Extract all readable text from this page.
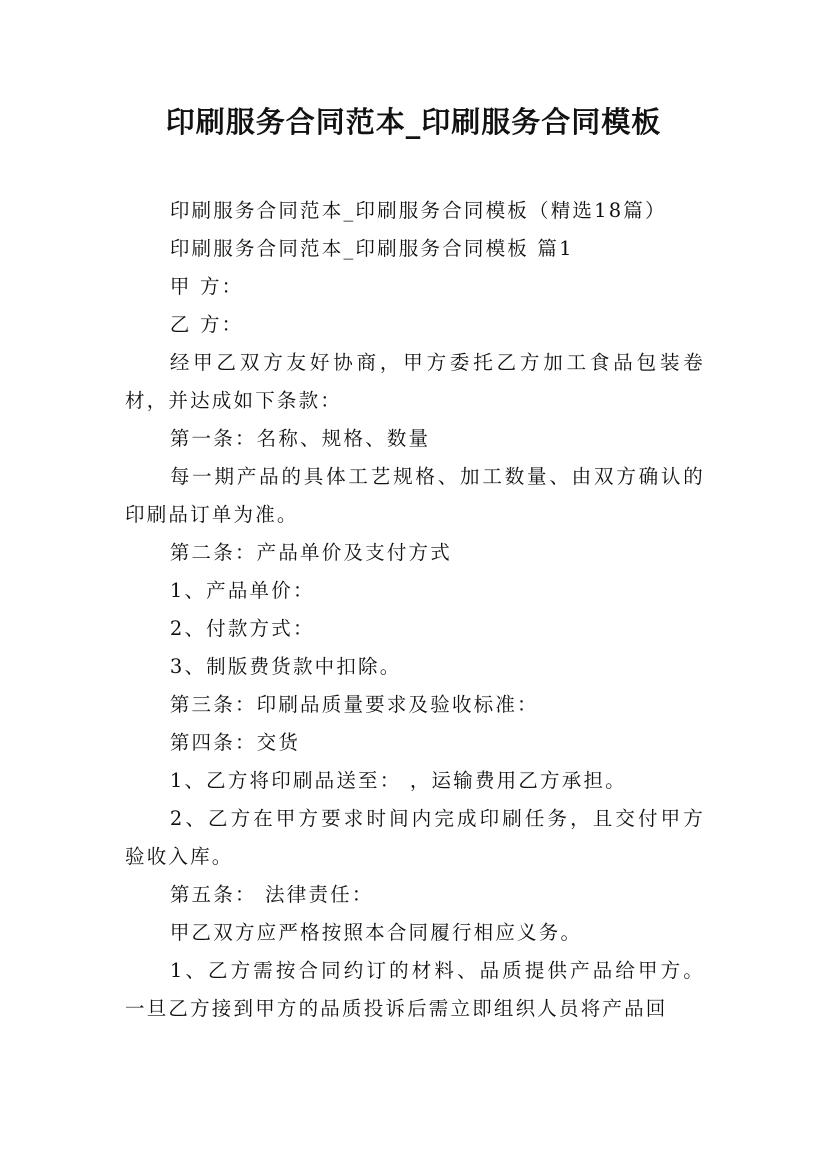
印刷服务合同范本_印刷服务合同模板

印刷服务合同范本_印刷服务合同模板（精选18篇）

印刷服务合同范本_印刷服务合同模板 篇1

甲 方：

乙 方：

经甲乙双方友好协商，甲方委托乙方加工食品包装卷材，并达成如下条款：

第一条：名称、规格、数量

每一期产品的具体工艺规格、加工数量、由双方确认的印刷品订单为准。

第二条：产品单价及支付方式

1、产品单价：

2、付款方式：

3、制版费货款中扣除。

第三条：印刷品质量要求及验收标准：

第四条：交货

1、乙方将印刷品送至： ，运输费用乙方承担。

2、乙方在甲方要求时间内完成印刷任务，且交付甲方验收入库。

第五条： 法律责任：

甲乙双方应严格按照本合同履行相应义务。

1、乙方需按合同约订的材料、品质提供产品给甲方。一旦乙方接到甲方的品质投诉后需立即组织人员将产品回
